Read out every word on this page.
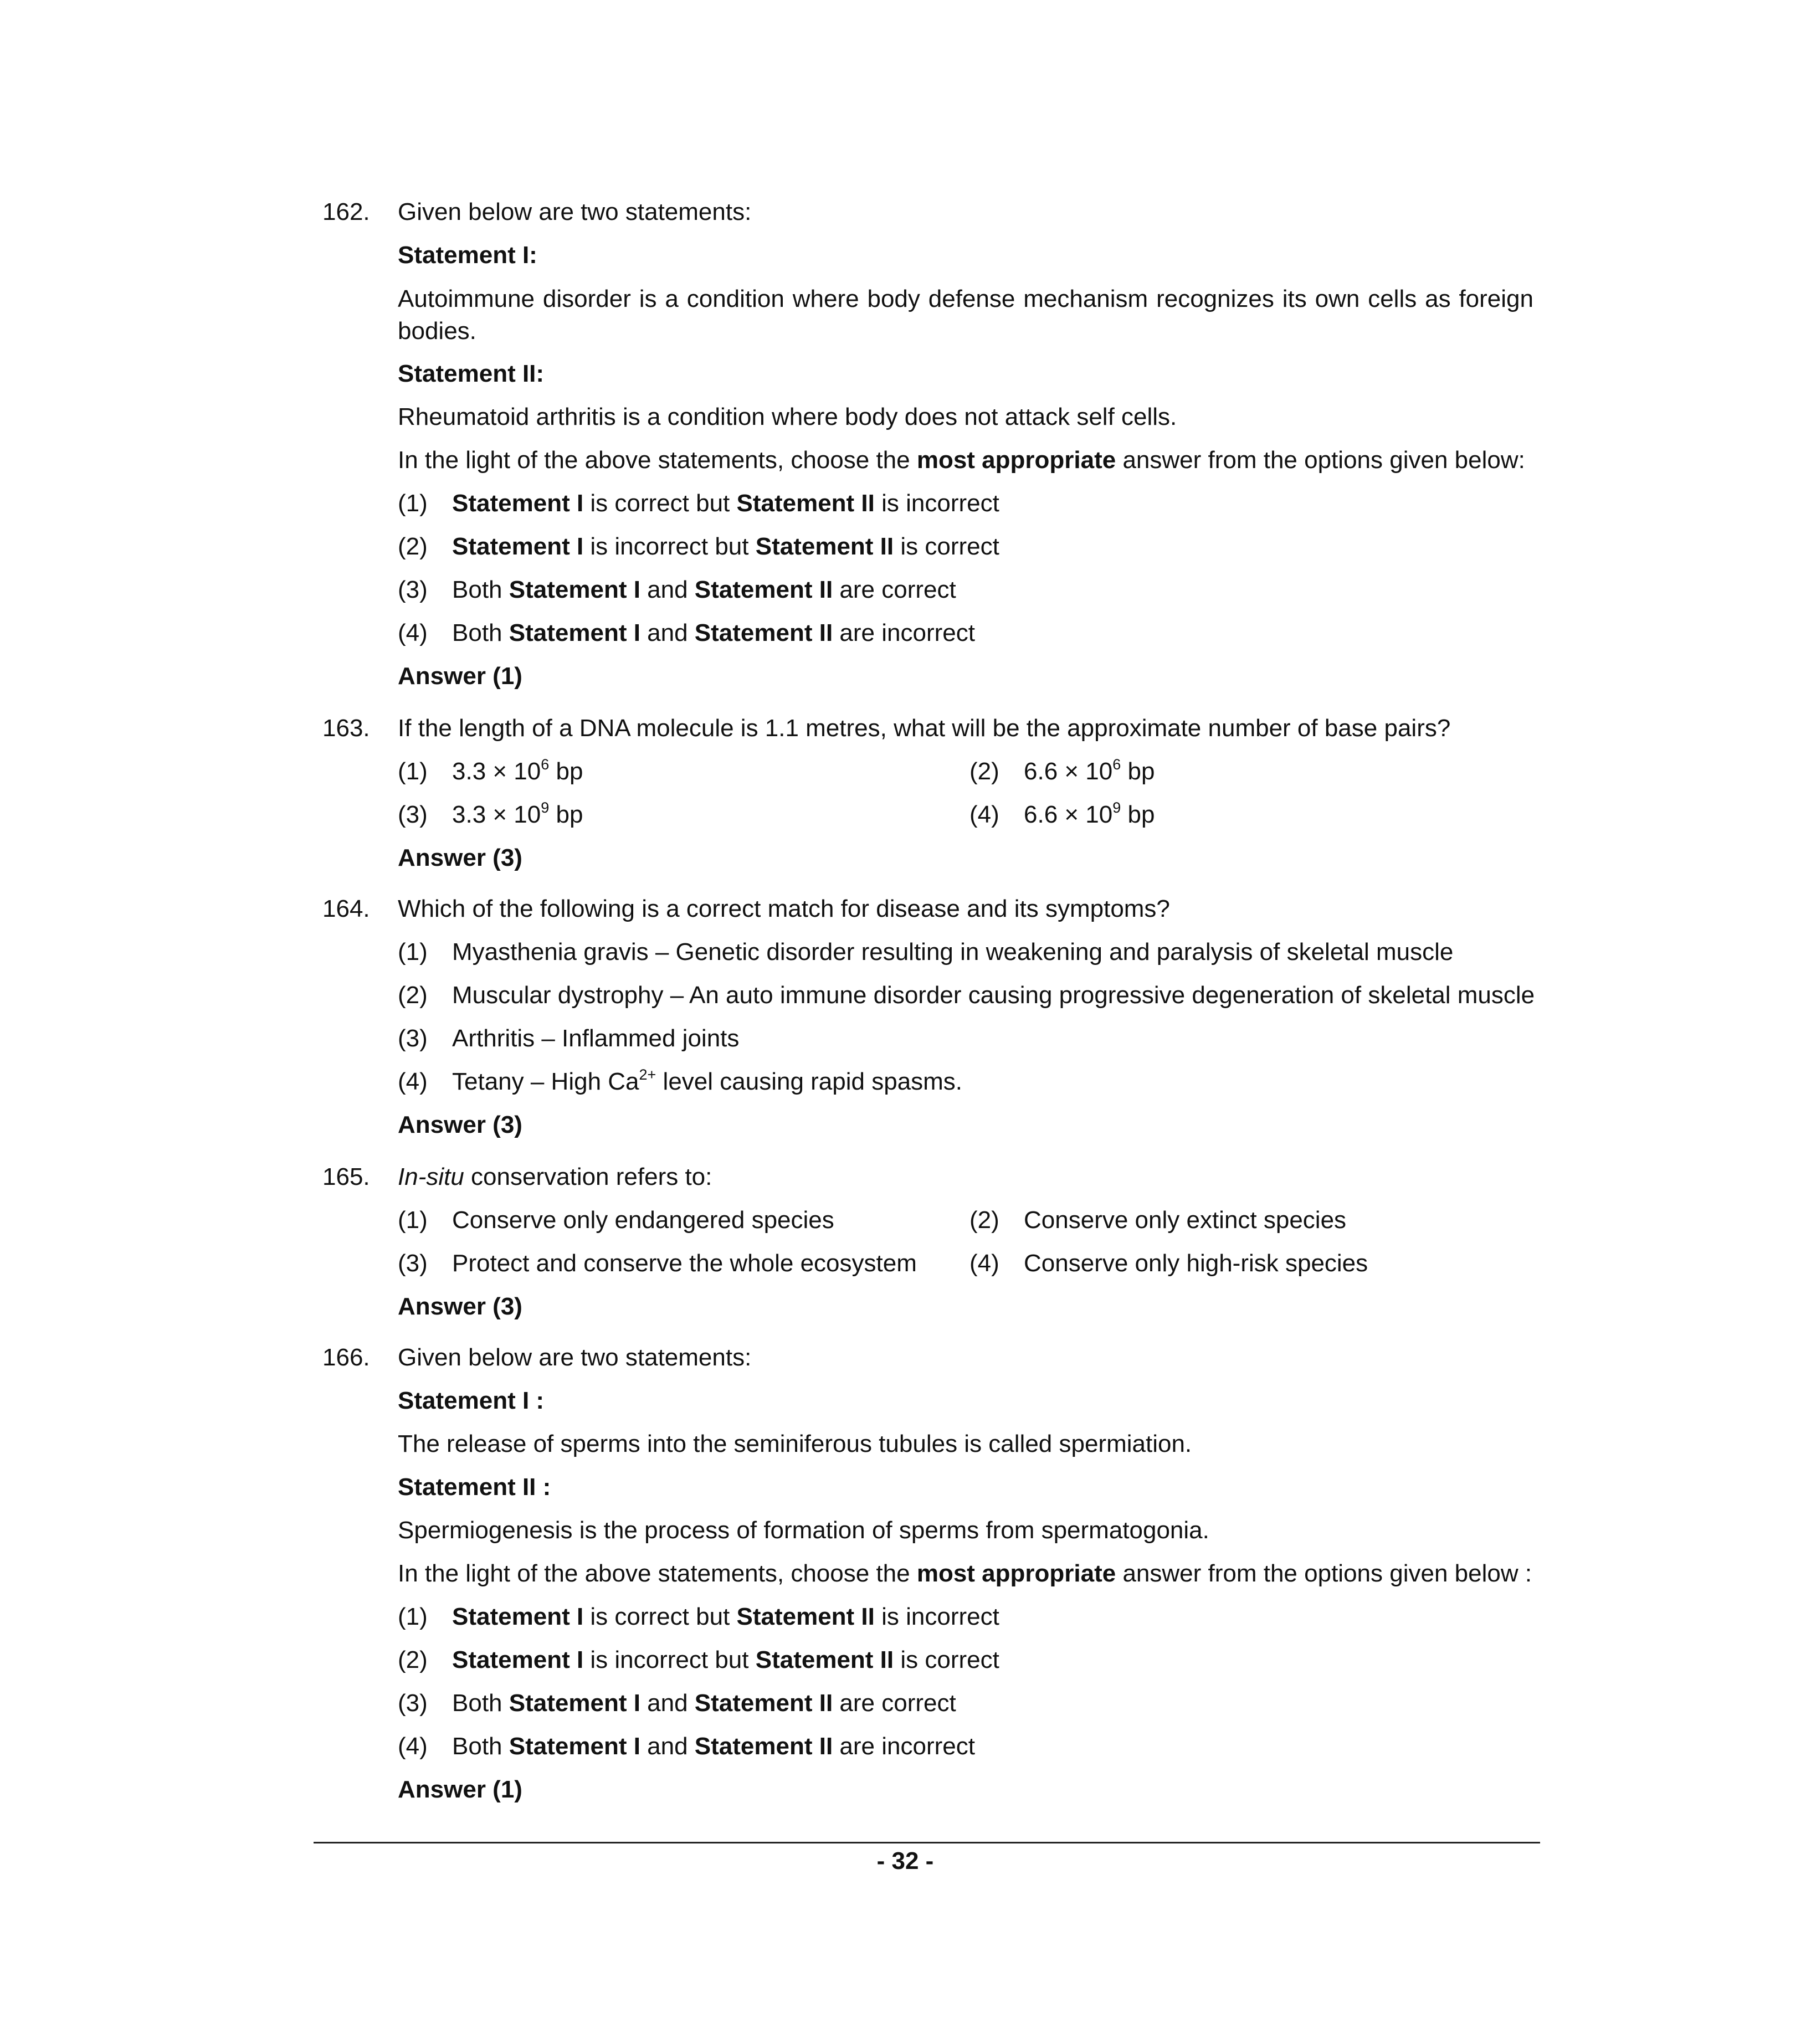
162. Given below are two statements:
Statement I:
Autoimmune disorder is a condition where body defense mechanism recognizes its own cells as foreign bodies.
Statement II:
Rheumatoid arthritis is a condition where body does not attack self cells.
In the light of the above statements, choose the most appropriate answer from the options given below:
(1) Statement I is correct but Statement II is incorrect
(2) Statement I is incorrect but Statement II is correct
(3) Both Statement I and Statement II are correct
(4) Both Statement I and Statement II are incorrect
Answer (1)
163. If the length of a DNA molecule is 1.1 metres, what will be the approximate number of base pairs?
(1) $3.3 \times 10^6$ bp	(2) $6.6 \times 10^6$ bp
(3) $3.3 \times 10^9$ bp	(4) $6.6 \times 10^9$ bp
Answer (3)
164. Which of the following is a correct match for disease and its symptoms?
(1) Myasthenia gravis – Genetic disorder resulting in weakening and paralysis of skeletal muscle
(2) Muscular dystrophy – An auto immune disorder causing progressive degeneration of skeletal muscle
(3) Arthritis – Inflammed joints
(4) Tetany – High $Ca^{2+}$ level causing rapid spasms.
Answer (3)
165. In-situ conservation refers to:
(1) Conserve only endangered species	(2) Conserve only extinct species
(3) Protect and conserve the whole ecosystem (4) Conserve only high-risk species
Answer (3)
166. Given below are two statements:
Statement I :
The release of sperms into the seminiferous tubules is called spermiation.
Statement II :
Spermiogenesis is the process of formation of sperms from spermatogonia.
In the light of the above statements, choose the most appropriate answer from the options given below :
(1) Statement I is correct but Statement II is incorrect
(2) Statement I is incorrect but Statement II is correct
(3) Both Statement I and Statement II are correct
(4) Both Statement I and Statement II are incorrect
Answer (1)
- 32 -
